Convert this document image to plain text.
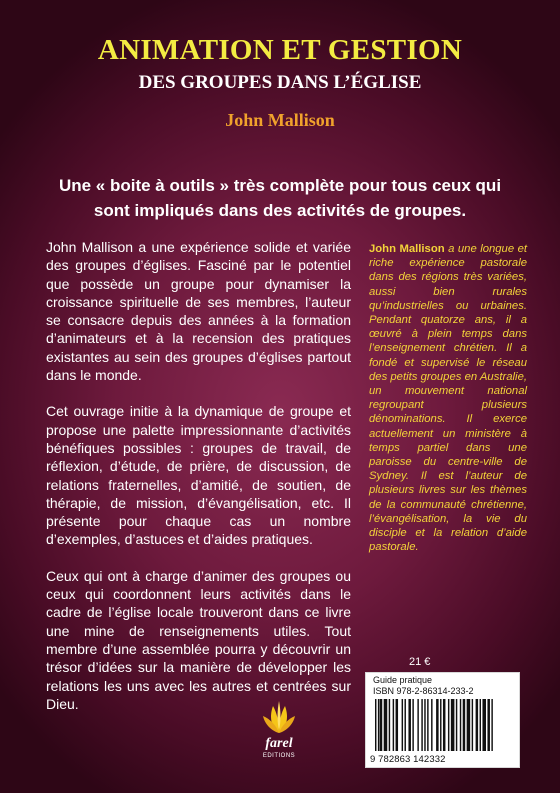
ANIMATION ET GESTION
DES GROUPES DANS L’ÉGLISE

John Mallison

Une « boite à outils » très complète pour tous ceux qui sont impliqués dans des activités de groupes.

John Mallison a une expérience solide et variée des groupes d’églises. Fasciné par le potentiel que possède un groupe pour dynamiser la croissance spirituelle de ses membres, l’auteur se consacre depuis des années à la formation d’animateurs et à la recension des pratiques existantes au sein des groupes d’églises partout dans le monde.

Cet ouvrage initie à la dynamique de groupe et propose une palette impressionnante d’activités bénéfiques possibles : groupes de travail, de réflexion, d’étude, de prière, de discussion, de relations fraternelles, d’amitié, de soutien, de thérapie, de mission, d’évangélisation, etc. Il présente pour chaque cas un nombre d’exemples, d’astuces et d’aides pratiques.

Ceux qui ont à charge d’animer des groupes ou ceux qui coordonnent leurs activités dans le cadre de l’église locale trouveront dans ce livre une mine de renseignements utiles. Tout membre d’une assemblée pourra y découvrir un trésor d’idées sur la manière de développer les relations les uns avec les autres et centrées sur Dieu.

John Mallison a une longue et riche expérience pastorale dans des régions très variées, aussi bien rurales qu’industrielles ou urbaines. Pendant quatorze ans, il a œuvré à plein temps dans l’enseignement chrétien. Il a fondé et supervisé le réseau des petits groupes en Australie, un mouvement national regroupant plusieurs dénominations. Il exerce actuellement un ministère à temps partiel dans une paroisse du centre-ville de Sydney. Il est l’auteur de plusieurs livres sur les thèmes de la communauté chrétienne, l’évangélisation, la vie du disciple et la relation d’aide pastorale.

21 €

farel

EDITIONS

Guide pratique

ISBN 978-2-86314-233-2

9 782863 142332
